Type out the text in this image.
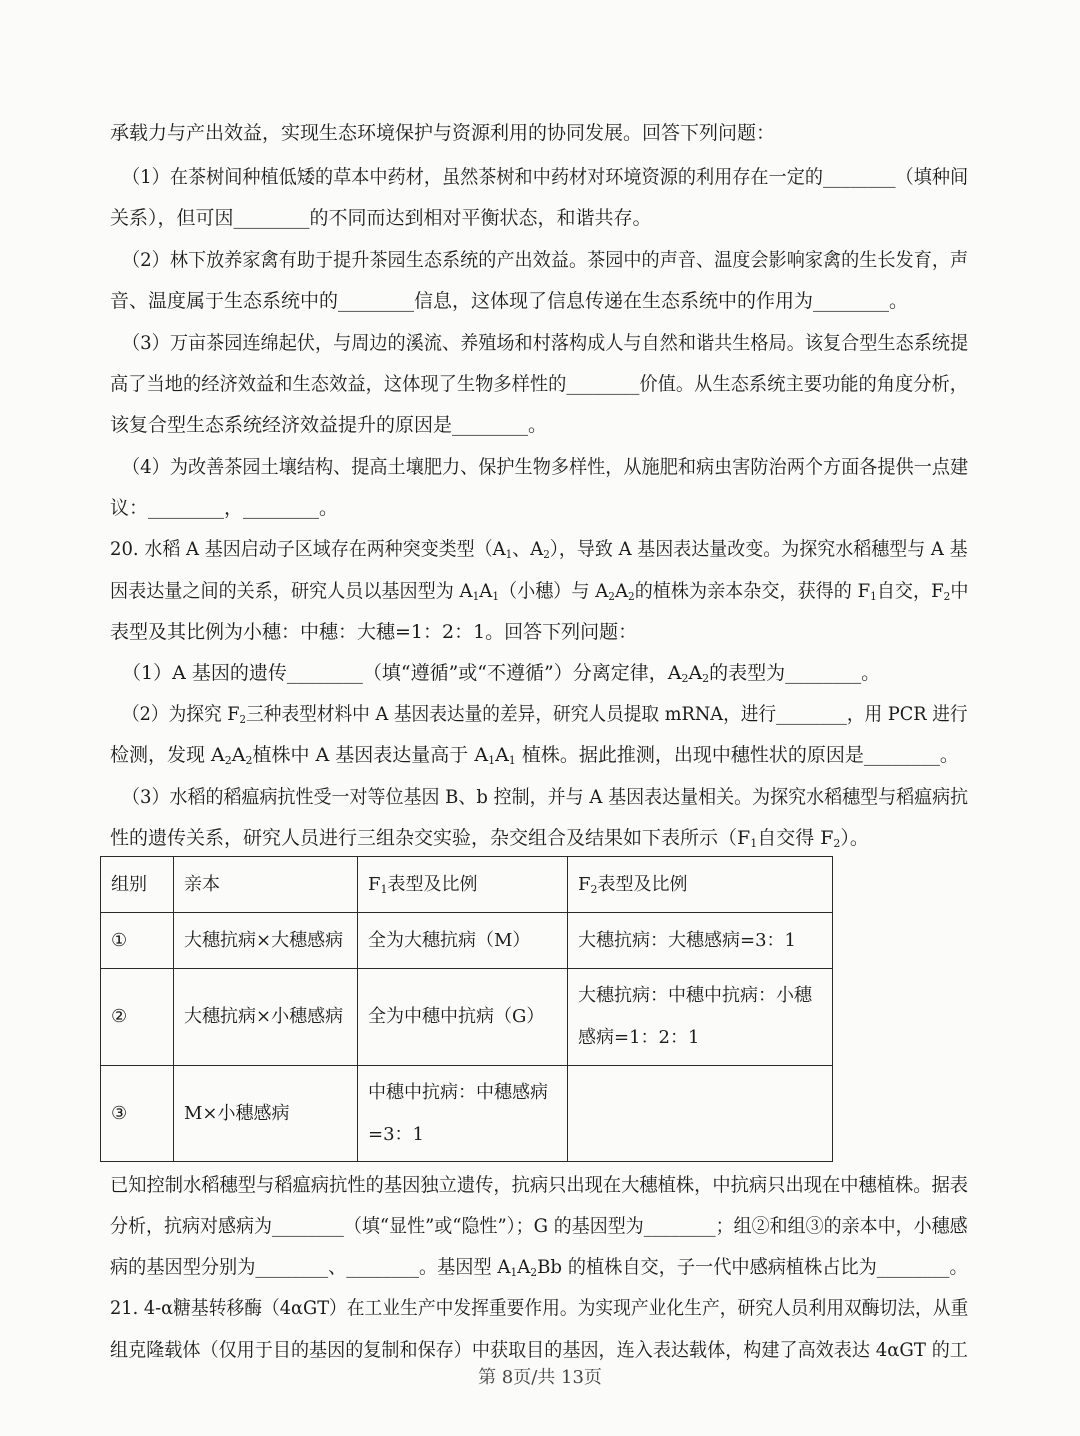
承载力与产出效益，实现生态环境保护与资源利用的协同发展。回答下列问题：

（1）在茶树间种植低矮的草本中药材，虽然茶树和中药材对环境资源的利用存在一定的________（填种间

关系），但可因________的不同而达到相对平衡状态，和谐共存。

（2）林下放养家禽有助于提升茶园生态系统的产出效益。茶园中的声音、温度会影响家禽的生长发育，声

音、温度属于生态系统中的________信息，这体现了信息传递在生态系统中的作用为________。

（3）万亩茶园连绵起伏，与周边的溪流、养殖场和村落构成人与自然和谐共生格局。该复合型生态系统提

高了当地的经济效益和生态效益，这体现了生物多样性的________价值。从生态系统主要功能的角度分析，

该复合型生态系统经济效益提升的原因是________。

（4）为改善茶园土壤结构、提高土壤肥力、保护生物多样性，从施肥和病虫害防治两个方面各提供一点建

议：________，________。

20. 水稻 A 基因启动子区域存在两种突变类型（$A_1$、$A_2$），导致 A 基因表达量改变。为探究水稻穗型与 A 基

因表达量之间的关系，研究人员以基因型为 $A_1A_1$（小穗）与 $A_2A_2$的植株为亲本杂交，获得的 $F_1$自交，$F_2$中

表型及其比例为小穗：中穗：大穗=1：2：1。回答下列问题：

（1）A 基因的遗传________（填“遵循”或“不遵循”）分离定律，$A_2A_2$的表型为________。

（2）为探究 $F_2$三种表型材料中 A 基因表达量的差异，研究人员提取 mRNA，进行________，用 PCR 进行

检测，发现 $A_2A_2$植株中 A 基因表达量高于 $A_1A_1$ 植株。据此推测，出现中穗性状的原因是________。

（3）水稻的稻瘟病抗性受一对等位基因 B、b 控制，并与 A 基因表达量相关。为探究水稻穗型与稻瘟病抗

性的遗传关系，研究人员进行三组杂交实验，杂交组合及结果如下表所示（$F_1$自交得 $F_2$）。

组别	亲本	$F_1$表型及比例	$F_2$表型及比例
①	大穗抗病×大穗感病	全为大穗抗病（M）	大穗抗病：大穗感病=3：1
②	大穗抗病×小穗感病	全为中穗中抗病（G）	大穗抗病：中穗中抗病：小穗
感病=1：2：1

③	M×小穗感病	中穗中抗病：中穗感病
=3：1	

已知控制水稻穗型与稻瘟病抗性的基因独立遗传，抗病只出现在大穗植株，中抗病只出现在中穗植株。据表

分析，抗病对感病为________（填“显性”或“隐性”）；G 的基因型为________；组②和组③的亲本中，小穗感

病的基因型分别为________、________。基因型 $A_1A_2Bb$ 的植株自交，子一代中感病植株占比为________。

21. 4-α糖基转移酶（4αGT）在工业生产中发挥重要作用。为实现产业化生产，研究人员利用双酶切法，从重

组克隆载体（仅用于目的基因的复制和保存）中获取目的基因，连入表达载体，构建了高效表达 4αGT 的工

第 8页/共 13页
